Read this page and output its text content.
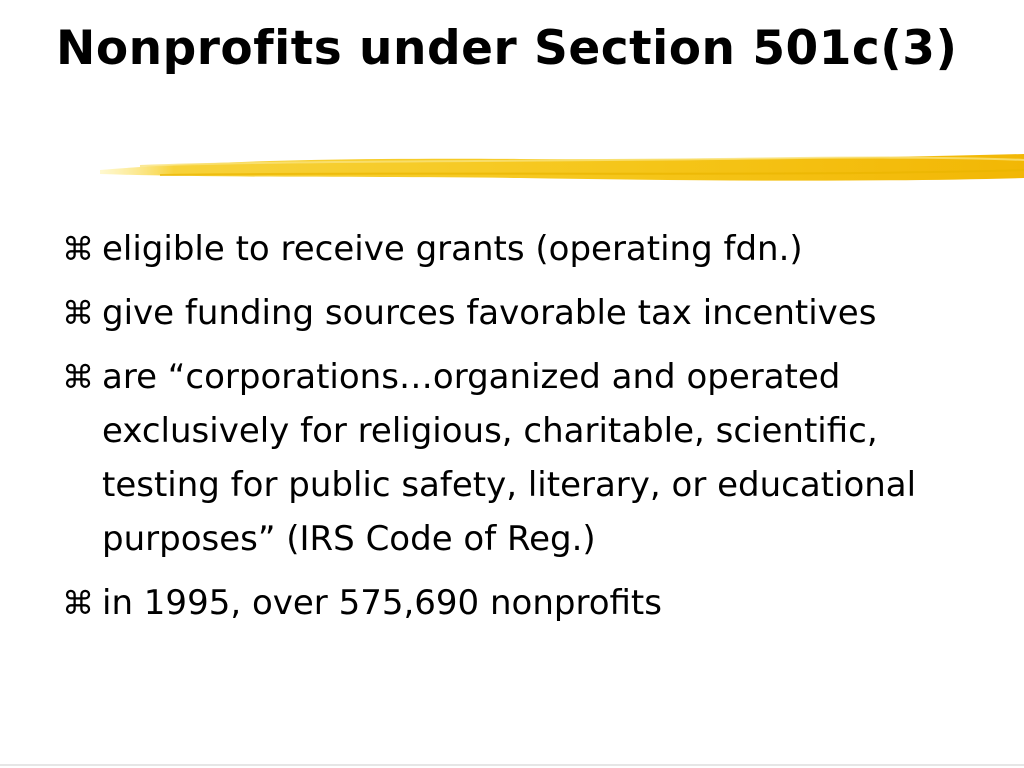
Nonprofits under Section 501c(3)
⌘ eligible to receive grants (operating fdn.)
⌘ give funding sources favorable tax incentives
⌘ are “corporations…organized and operated exclusively for religious, charitable, scientific, testing for public safety, literary, or educational purposes” (IRS Code of Reg.)
⌘ in 1995, over 575,690 nonprofits
